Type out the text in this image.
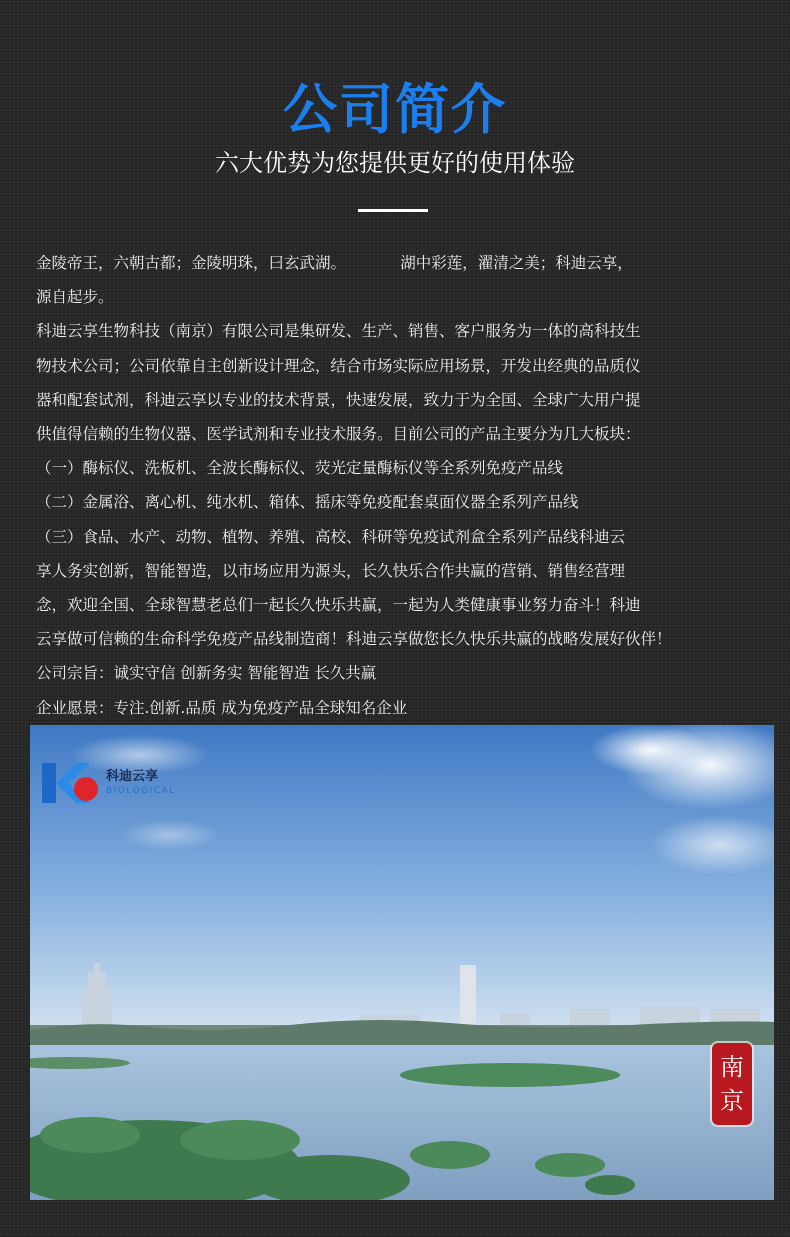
公司简介
六大优势为您提供更好的使用体验

金陵帝王，六朝古都；金陵明珠，曰玄武湖。　　　　湖中彩莲，濯清之美；科迪云享，

源自起步。

科迪云享生物科技（南京）有限公司是集研发、生产、销售、客户服务为一体的高科技生

物技术公司；公司依靠自主创新设计理念，结合市场实际应用场景，开发出经典的品质仪

器和配套试剂，科迪云享以专业的技术背景，快速发展，致力于为全国、全球广大用户提

供值得信赖的生物仪器、医学试剂和专业技术服务。目前公司的产品主要分为几大板块：

（一）酶标仪、洗板机、全波长酶标仪、荧光定量酶标仪等全系列免疫产品线

（二）金属浴、离心机、纯水机、箱体、摇床等免疫配套桌面仪器全系列产品线

（三）食品、水产、动物、植物、养殖、高校、科研等免疫试剂盒全系列产品线科迪云

享人务实创新，智能智造，以市场应用为源头，长久快乐合作共赢的营销、销售经营理

念，欢迎全国、全球智慧老总们一起长久快乐共赢，一起为人类健康事业努力奋斗！科迪

云享做可信赖的生命科学免疫产品线制造商！科迪云享做您长久快乐共赢的战略发展好伙伴！

公司宗旨：诚实守信 创新务实 智能智造 长久共赢

企业愿景：专注.创新.品质 成为免疫产品全球知名企业

科迪云享
BIOLOGICAL
南
京
